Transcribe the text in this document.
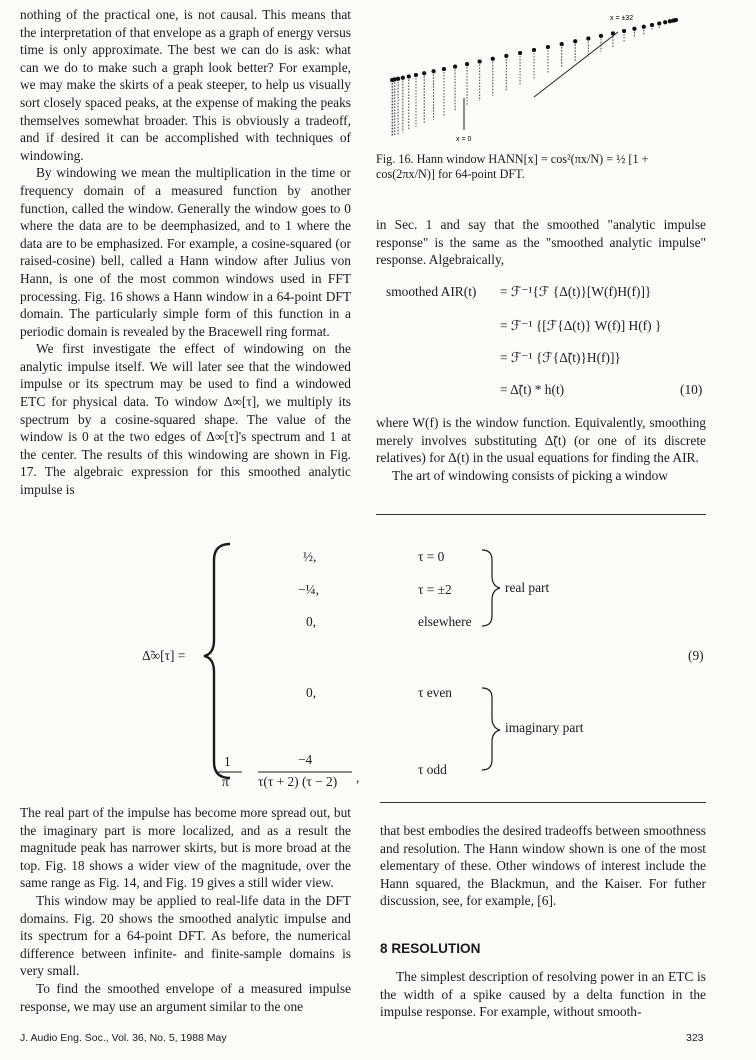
nothing of the practical one, is not causal. This means that the interpretation of that envelope as a graph of energy versus time is only approximate. The best we can do is ask: what can we do to make such a graph look better? For example, we may make the skirts of a peak steeper, to help us visually sort closely spaced peaks, at the expense of making the peaks themselves somewhat broader. This is obviously a tradeoff, and if desired it can be accomplished with techniques of windowing.

By windowing we mean the multiplication in the time or frequency domain of a measured function by another function, called the window. Generally the window goes to 0 where the data are to be deemphasized, and to 1 where the data are to be emphasized. For example, a cosine-squared (or raised-cosine) bell, called a Hann window after Julius von Hann, is one of the most common windows used in FFT processing. Fig. 16 shows a Hann window in a 64-point DFT domain. The particularly simple form of this function in a periodic domain is revealed by the Bracewell ring format.

We first investigate the effect of windowing on the analytic impulse itself. We will later see that the windowed impulse or its spectrum may be used to find a windowed ETC for physical data. To window Δ∞[τ], we multiply its spectrum by a cosine-squared shape. The value of the window is 0 at the two edges of Δ∞[τ]'s spectrum and 1 at the center. The results of this windowing are shown in Fig. 17. The algebraic expression for this smoothed analytic impulse is

x = ±32
x = 0
Fig. 16. Hann window HANN[x] = cos²(πx/N) = ½ [1 + cos(2πx/N)] for 64-point DFT.

in Sec. 1 and say that the smoothed "analytic impulse response" is the same as the "smoothed analytic impulse" response. Algebraically,

smoothed AIR(t) = ℱ⁻¹{ℱ {Δ(t)}[W(f)H(f)]}
= ℱ⁻¹ {[ℱ{Δ(t)} W(f)] H(f) }
= ℱ⁻¹ {ℱ{Δ̃(t)}H(f)]}
= Δ̃(t) * h(t)	(10)

where W(f) is the window function. Equivalently, smoothing merely involves substituting Δ̃(t) (or one of its discrete relatives) for Δ(t) in the usual equations for finding the AIR.

The art of windowing consists of picking a window

Δ̃∞[τ] =
½,	τ = 0
−¼,	τ = ±2
0,	elsewhere
real part
0,	τ even
imaginary part
1
π
−4
τ(τ + 2) (τ − 2) ,
τ odd
(9)

The real part of the impulse has become more spread out, but the imaginary part is more localized, and as a result the magnitude peak has narrower skirts, but is more broad at the top. Fig. 18 shows a wider view of the magnitude, over the same range as Fig. 14, and Fig. 19 gives a still wider view.

This window may be applied to real-life data in the DFT domains. Fig. 20 shows the smoothed analytic impulse and its spectrum for a 64-point DFT. As before, the numerical difference between infinite- and finite-sample domains is very small.

To find the smoothed envelope of a measured impulse response, we may use an argument similar to the one

that best embodies the desired tradeoffs between smoothness and resolution. The Hann window shown is one of the most elementary of these. Other windows of interest include the Hann squared, the Blackmun, and the Kaiser. For futher discussion, see, for example, [6].

8 RESOLUTION

The simplest description of resolving power in an ETC is the width of a spike caused by a delta function in the impulse response. For example, without smooth-

J. Audio Eng. Soc., Vol. 36, No. 5, 1988 May	323
